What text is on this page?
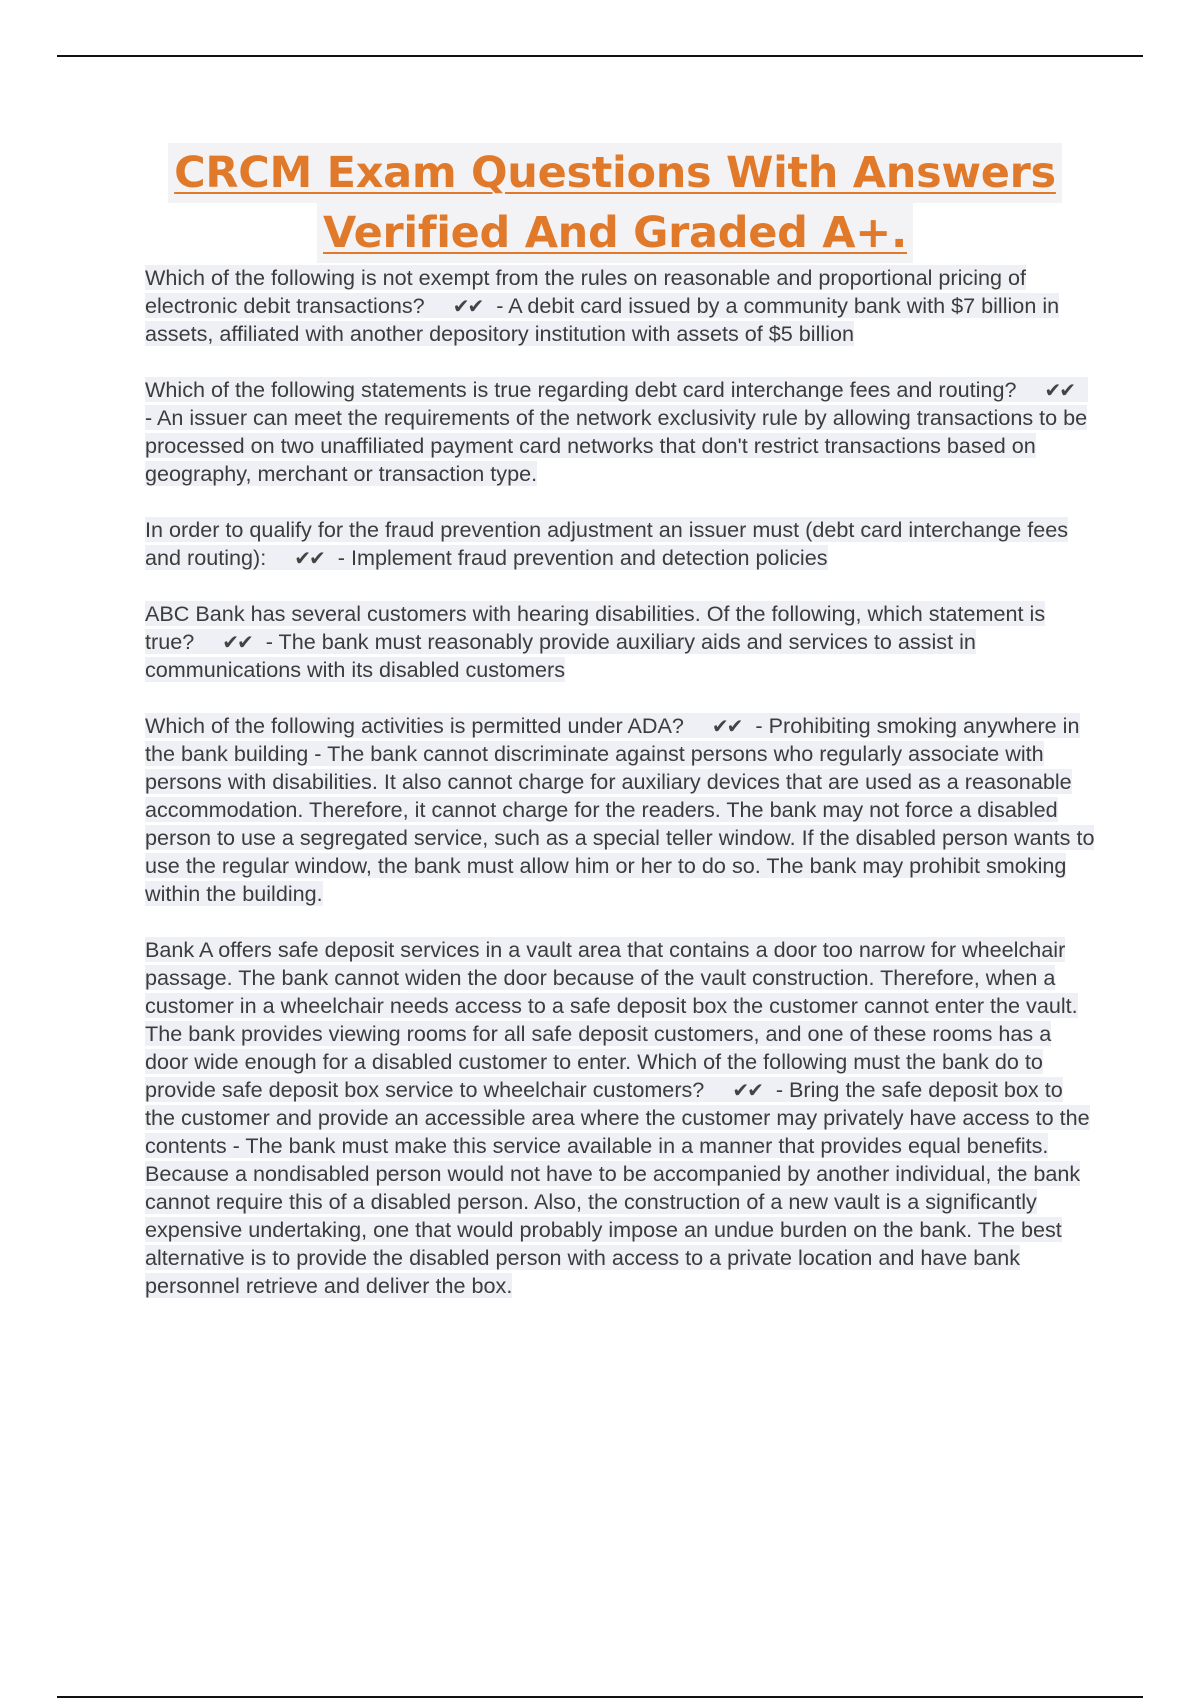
CRCM Exam Questions With Answers
Verified And Graded A+.

Which of the following is not exempt from the rules on reasonable and proportional pricing of electronic debit transactions? ✔✔ - A debit card issued by a community bank with $7 billion in assets, affiliated with another depository institution with assets of $5 billion

Which of the following statements is true regarding debt card interchange fees and routing? ✔✔- An issuer can meet the requirements of the network exclusivity rule by allowing transactions to be processed on two unaffiliated payment card networks that don't restrict transactions based on geography, merchant or transaction type.

In order to qualify for the fraud prevention adjustment an issuer must (debt card interchange fees and routing): ✔✔ - Implement fraud prevention and detection policies

ABC Bank has several customers with hearing disabilities. Of the following, which statement is true? ✔✔ - The bank must reasonably provide auxiliary aids and services to assist in communications with its disabled customers

Which of the following activities is permitted under ADA? ✔✔ - Prohibiting smoking anywhere in the bank building - The bank cannot discriminate against persons who regularly associate with persons with disabilities. It also cannot charge for auxiliary devices that are used as a reasonable accommodation. Therefore, it cannot charge for the readers. The bank may not force a disabled person to use a segregated service, such as a special teller window. If the disabled person wants to use the regular window, the bank must allow him or her to do so. The bank may prohibit smoking within the building.

Bank A offers safe deposit services in a vault area that contains a door too narrow for wheelchair passage. The bank cannot widen the door because of the vault construction. Therefore, when a customer in a wheelchair needs access to a safe deposit box the customer cannot enter the vault. The bank provides viewing rooms for all safe deposit customers, and one of these rooms has a door wide enough for a disabled customer to enter. Which of the following must the bank do to provide safe deposit box service to wheelchair customers? ✔✔ - Bring the safe deposit box to the customer and provide an accessible area where the customer may privately have access to the contents - The bank must make this service available in a manner that provides equal benefits. Because a nondisabled person would not have to be accompanied by another individual, the bank cannot require this of a disabled person. Also, the construction of a new vault is a significantly expensive undertaking, one that would probably impose an undue burden on the bank. The best alternative is to provide the disabled person with access to a private location and have bank personnel retrieve and deliver the box.
